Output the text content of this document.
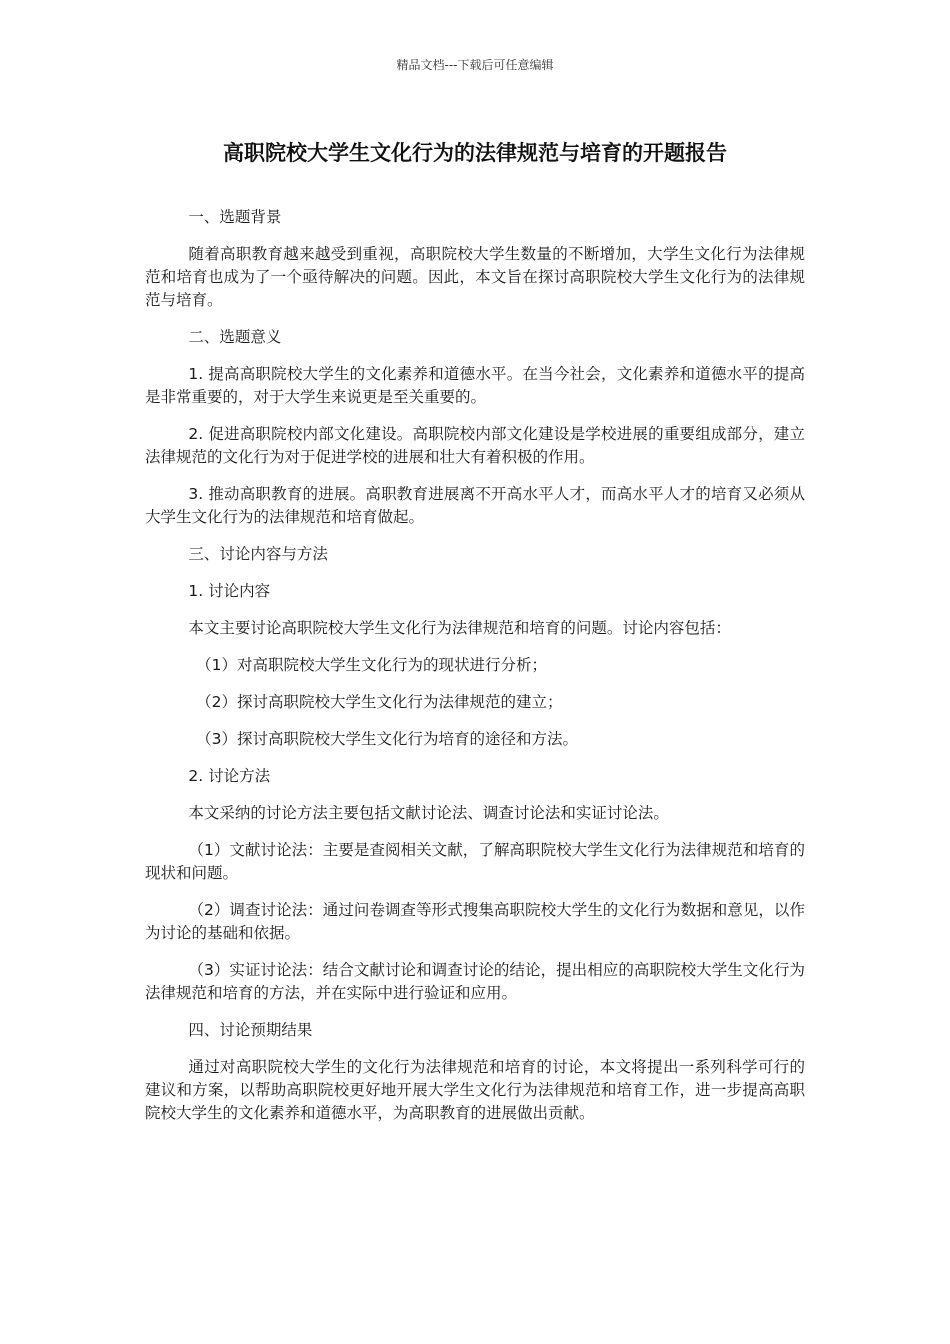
精品文档---下载后可任意编辑
高职院校大学生文化行为的法律规范与培育的开题报告

一、选题背景

随着高职教育越来越受到重视，高职院校大学生数量的不断增加，大学生文化行为法律规范和培育也成为了一个亟待解决的问题。因此，本文旨在探讨高职院校大学生文化行为的法律规范与培育。

二、选题意义

1. 提高高职院校大学生的文化素养和道德水平。在当今社会，文化素养和道德水平的提高是非常重要的，对于大学生来说更是至关重要的。

2. 促进高职院校内部文化建设。高职院校内部文化建设是学校进展的重要组成部分，建立法律规范的文化行为对于促进学校的进展和壮大有着积极的作用。

3. 推动高职教育的进展。高职教育进展离不开高水平人才，而高水平人才的培育又必须从大学生文化行为的法律规范和培育做起。

三、讨论内容与方法

1. 讨论内容

本文主要讨论高职院校大学生文化行为法律规范和培育的问题。讨论内容包括：

（1）对高职院校大学生文化行为的现状进行分析；

（2）探讨高职院校大学生文化行为法律规范的建立；

（3）探讨高职院校大学生文化行为培育的途径和方法。

2. 讨论方法

本文采纳的讨论方法主要包括文献讨论法、调查讨论法和实证讨论法。

（1）文献讨论法：主要是查阅相关文献，了解高职院校大学生文化行为法律规范和培育的现状和问题。

（2）调查讨论法：通过问卷调查等形式搜集高职院校大学生的文化行为数据和意见，以作为讨论的基础和依据。

（3）实证讨论法：结合文献讨论和调查讨论的结论，提出相应的高职院校大学生文化行为法律规范和培育的方法，并在实际中进行验证和应用。

四、讨论预期结果

通过对高职院校大学生的文化行为法律规范和培育的讨论，本文将提出一系列科学可行的建议和方案，以帮助高职院校更好地开展大学生文化行为法律规范和培育工作，进一步提高高职院校大学生的文化素养和道德水平，为高职教育的进展做出贡献。
